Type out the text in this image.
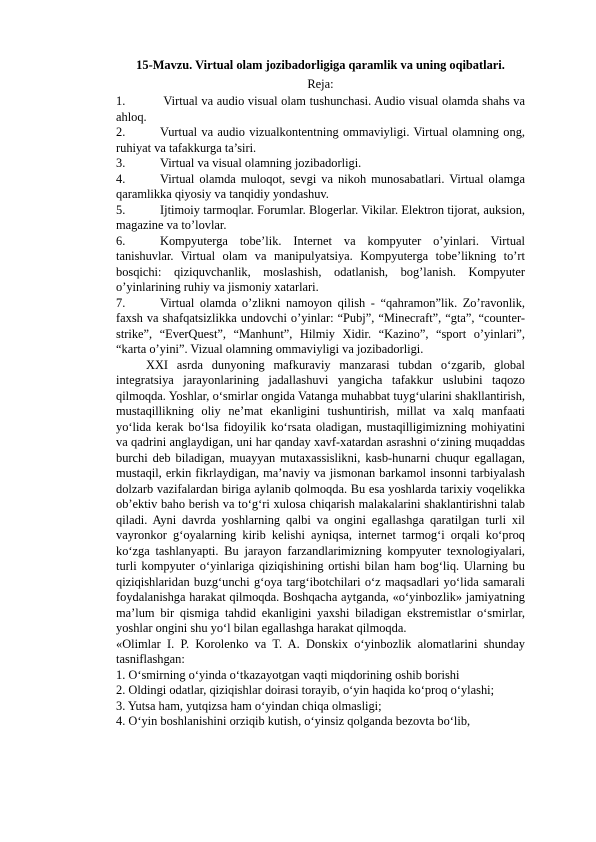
15-Mavzu. Virtual olam jozibadorligiga qaramlik va uning oqibatlari.

Reja:

1.	Virtual va audio visual olam tushunchasi. Audio visual olamda shahs va ahloq.

2.	Vurtual va audio vizualkontentning ommaviyligi. Virtual olamning ong, ruhiyat va tafakkurga ta’siri.

3.	Virtual va visual olamning jozibadorligi.

4.	Virtual olamda muloqot, sevgi va nikoh munosabatlari. Virtual olamga qaramlikka qiyosiy va tanqidiy yondashuv.

5.	Ijtimoiy tarmoqlar. Forumlar. Blogerlar. Vikilar. Elektron tijorat, auksion, magazine va to’lovlar.

6.	Kompyuterga tobe’lik. Internet va kompyuter o’yinlari. Virtual tanishuvlar. Virtual olam va manipulyatsiya. Kompyuterga tobe’likning to’rt bosqichi: qiziquvchanlik, moslashish, odatlanish, bog’lanish. Kompyuter o’yinlarining ruhiy va jismoniy xatarlari.

7.	Virtual olamda o’zlikni namoyon qilish - “qahramon”lik. Zo’ravonlik, faxsh va shafqatsizlikka undovchi o’yinlar: “Pubj”, “Minecraft”, “gta”, “counter-strike”, “EverQuest”, “Manhunt”, Hilmiy Xidir. “Kazino”, “sport o’yinlari”, “karta o’yini”. Vizual olamning ommaviyligi va jozibadorligi.

XXI asrda dunyoning mafkuraviy manzarasi tubdan o‘zgarib, global integratsiya jarayonlarining jadallashuvi yangicha tafakkur uslubini taqozo qilmoqda. Yoshlar, o‘smirlar ongida Vatanga muhabbat tuyg‘ularini shakllantirish, mustaqillikning oliy ne’mat ekanligini tushuntirish, millat va xalq manfaati yo‘lida kerak bo‘lsa fidoyilik ko‘rsata oladigan, mustaqilligimizning mohiyatini va qadrini anglaydigan, uni har qanday xavf-xatardan asrashni o‘zining muqaddas burchi deb biladigan, muayyan mutaxassislikni, kasb-hunarni chuqur egallagan, mustaqil, erkin fikrlaydigan, ma’naviy va jismonan barkamol insonni tarbiyalash dolzarb vazifalardan biriga aylanib qolmoqda. Bu esa yoshlarda tarixiy voqelikka ob’ektiv baho berish va to‘g‘ri xulosa chiqarish malakalarini shaklantirishni talab qiladi. Ayni davrda yoshlarning qalbi va ongini egallashga qaratilgan turli xil vayronkor g‘oyalarning kirib kelishi ayniqsa, internet tarmog‘i orqali ko‘proq ko‘zga tashlanyapti. Bu jarayon farzandlarimizning kompyuter texnologiyalari, turli kompyuter o‘yinlariga qiziqishining ortishi bilan ham bog‘liq. Ularning bu qiziqishlaridan buzg‘unchi g‘oya targ‘ibotchilari o‘z maqsadlari yo‘lida samarali foydalanishga harakat qilmoqda. Boshqacha aytganda, «o‘yinbozlik» jamiyatning ma’lum bir qismiga tahdid ekanligini yaxshi biladigan ekstremistlar o‘smirlar, yoshlar ongini shu yo‘l bilan egallashga harakat qilmoqda.

«Olimlar I. P. Korolenko va T. A. Donskix o‘yinbozlik alomatlarini shunday tasniflashgan:

1. O‘smirning o‘yinda o‘tkazayotgan vaqti miqdorining oshib borishi

2. Oldingi odatlar, qiziqishlar doirasi torayib, o‘yin haqida ko‘proq o‘ylashi;

3. Yutsa ham, yutqizsa ham o‘yindan chiqa olmasligi;

4. O‘yin boshlanishini orziqib kutish, o‘yinsiz qolganda bezovta bo‘lib,
